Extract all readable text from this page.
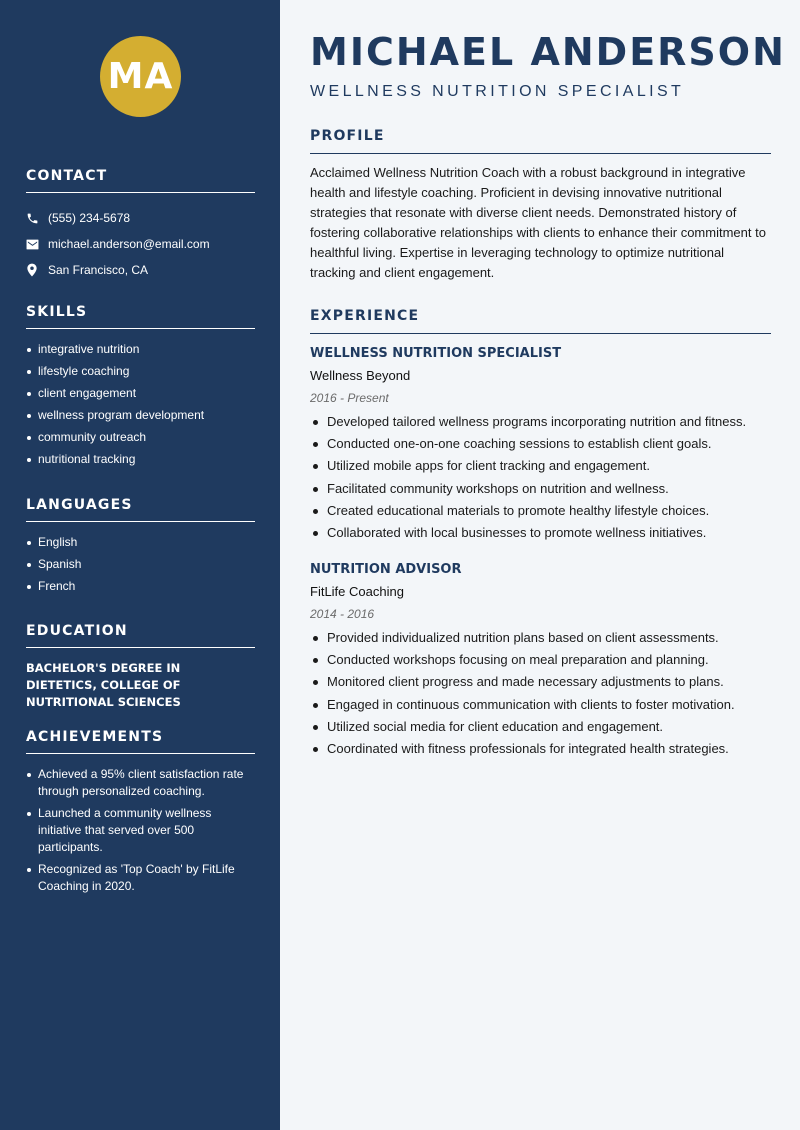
MA
CONTACT
(555) 234-5678
michael.anderson@email.com
San Francisco, CA
SKILLS
integrative nutrition
lifestyle coaching
client engagement
wellness program development
community outreach
nutritional tracking
LANGUAGES
English
Spanish
French
EDUCATION
BACHELOR'S DEGREE IN DIETETICS, COLLEGE OF NUTRITIONAL SCIENCES
ACHIEVEMENTS
Achieved a 95% client satisfaction rate through personalized coaching.
Launched a community wellness initiative that served over 500 participants.
Recognized as 'Top Coach' by FitLife Coaching in 2020.
MICHAEL ANDERSON
WELLNESS NUTRITION SPECIALIST
PROFILE

Acclaimed Wellness Nutrition Coach with a robust background in integrative health and lifestyle coaching. Proficient in devising innovative nutritional strategies that resonate with diverse client needs. Demonstrated history of fostering collaborative relationships with clients to enhance their commitment to healthful living. Expertise in leveraging technology to optimize nutritional tracking and client engagement.

EXPERIENCE
WELLNESS NUTRITION SPECIALIST
Wellness Beyond
2016 - Present
Developed tailored wellness programs incorporating nutrition and fitness.
Conducted one-on-one coaching sessions to establish client goals.
Utilized mobile apps for client tracking and engagement.
Facilitated community workshops on nutrition and wellness.
Created educational materials to promote healthy lifestyle choices.
Collaborated with local businesses to promote wellness initiatives.
NUTRITION ADVISOR
FitLife Coaching
2014 - 2016
Provided individualized nutrition plans based on client assessments.
Conducted workshops focusing on meal preparation and planning.
Monitored client progress and made necessary adjustments to plans.
Engaged in continuous communication with clients to foster motivation.
Utilized social media for client education and engagement.
Coordinated with fitness professionals for integrated health strategies.
